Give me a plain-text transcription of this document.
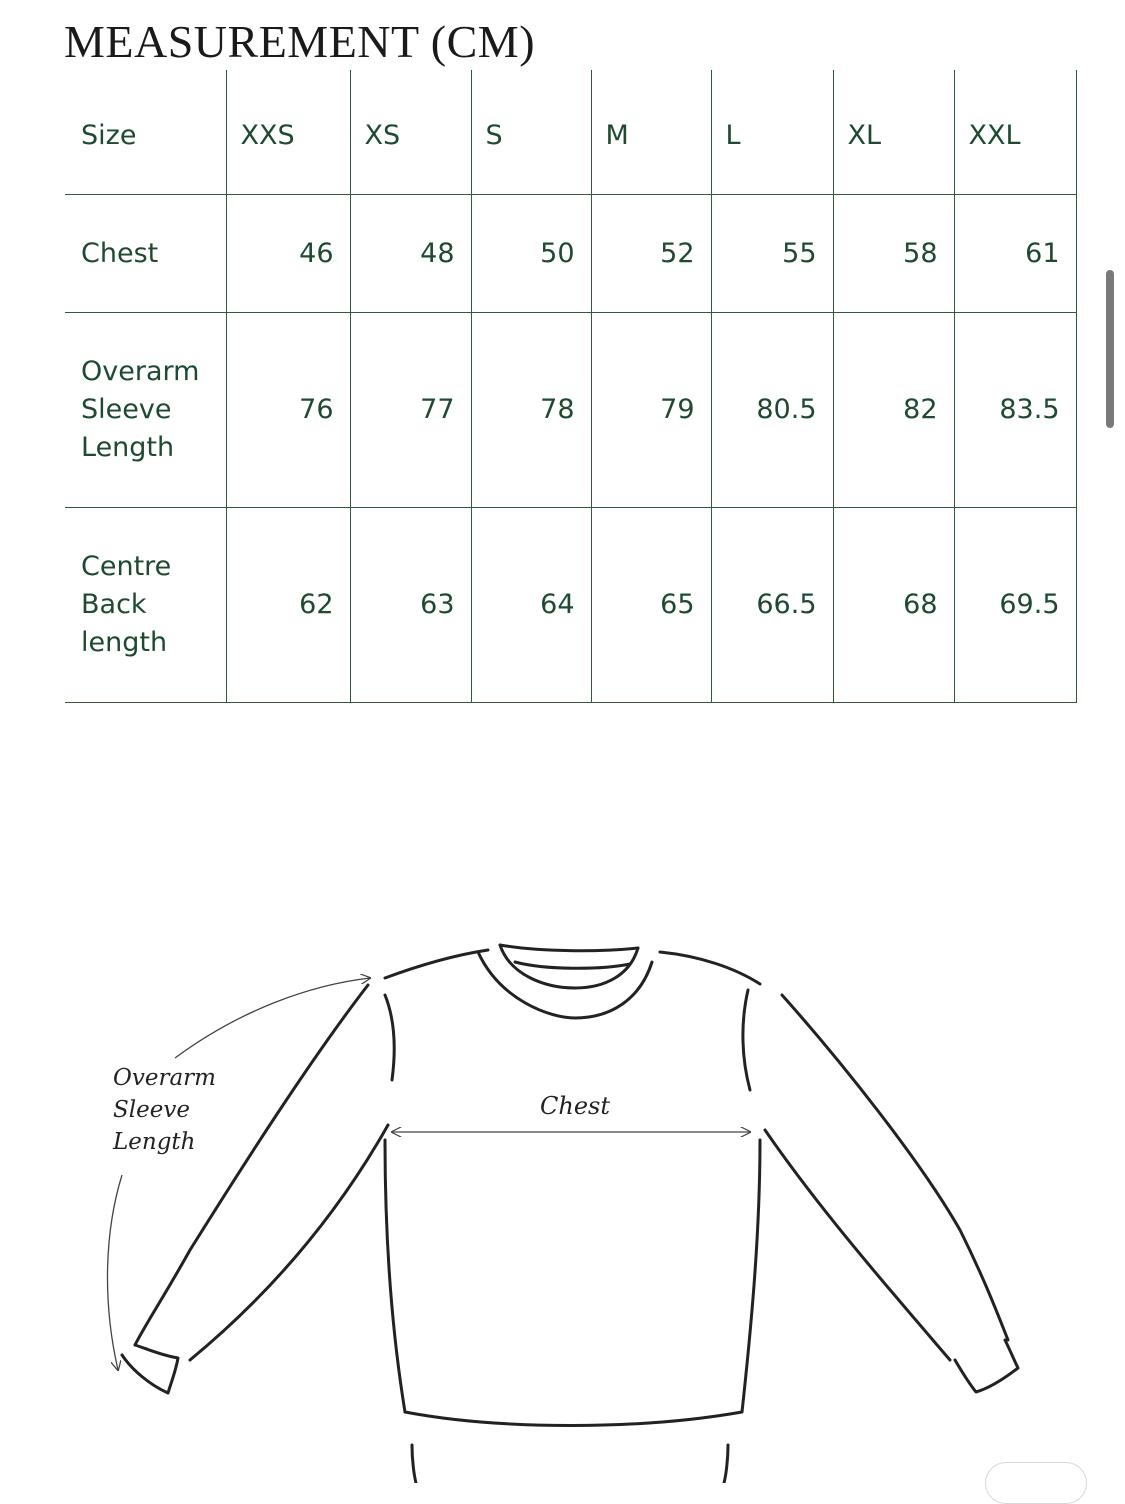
MEASUREMENT (CM)
Size	XXS	XS	S	M	L	XL	XXL
Chest	46	48	50	52	55	58	61

Overarm
Sleeve
Length	76	77	78	79	80.5	82	83.5

Centre
Back
length	62	63	64	65	66.5	68	69.5
Overarm
Sleeve
Length
Chest
